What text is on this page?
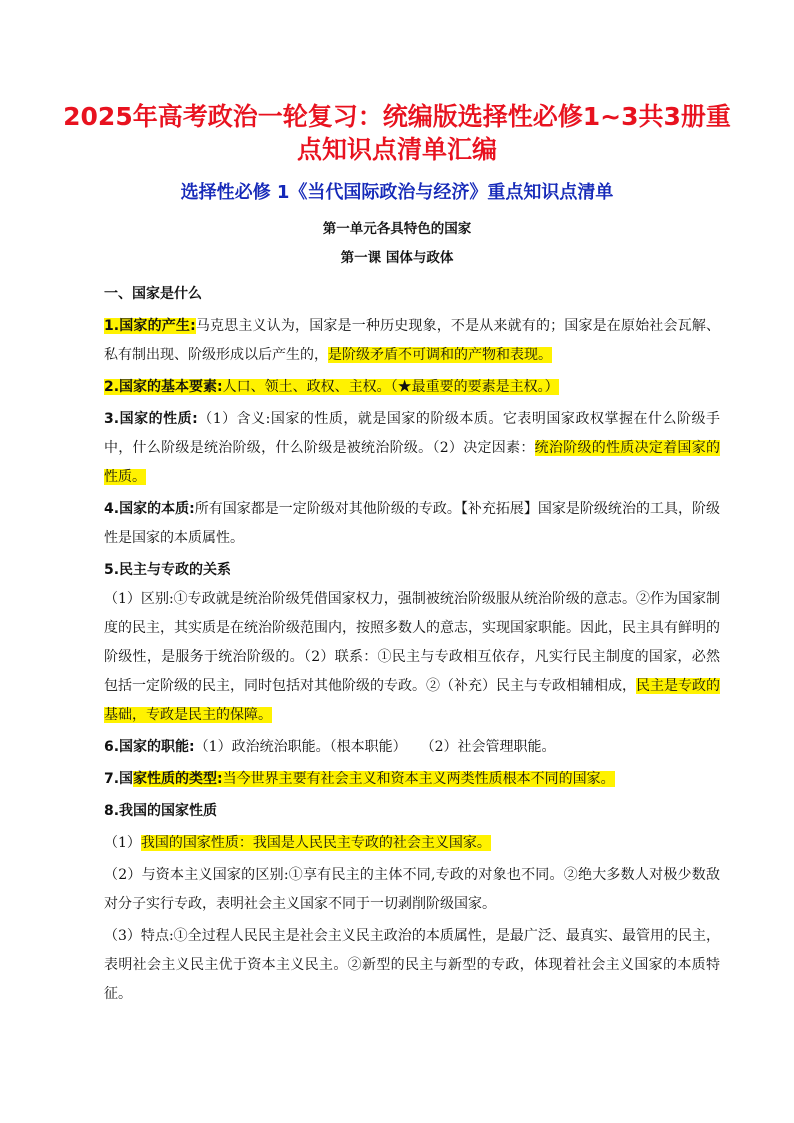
2025年高考政治一轮复习：统编版选择性必修1~3共3册重点知识点清单汇编
选择性必修 1《当代国际政治与经济》重点知识点清单
第一单元各具特色的国家
第一课 国体与政体

一、国家是什么

1.国家的产生:马克思主义认为，国家是一种历史现象，不是从来就有的；国家是在原始社会瓦解、私有制出现、阶级形成以后产生的，是阶级矛盾不可调和的产物和表现。

2.国家的基本要素:人口、领土、政权、主权。（★最重要的要素是主权。）

3.国家的性质:（1）含义:国家的性质，就是国家的阶级本质。它表明国家政权掌握在什么阶级手中，什么阶级是统治阶级，什么阶级是被统治阶级。（2）决定因素：统治阶级的性质决定着国家的性质。

4.国家的本质:所有国家都是一定阶级对其他阶级的专政。【补充拓展】国家是阶级统治的工具，阶级性是国家的本质属性。

5.民主与专政的关系

（1）区别:①专政就是统治阶级凭借国家权力，强制被统治阶级服从统治阶级的意志。②作为国家制度的民主，其实质是在统治阶级范围内，按照多数人的意志，实现国家职能。因此，民主具有鲜明的阶级性，是服务于统治阶级的。（2）联系：①民主与专政相互依存，凡实行民主制度的国家，必然包括一定阶级的民主，同时包括对其他阶级的专政。②（补充）民主与专政相辅相成，民主是专政的基础，专政是民主的保障。

6.国家的职能:（1）政治统治职能。（根本职能）　　（2）社会管理职能。

7.国家性质的类型:当今世界主要有社会主义和资本主义两类性质根本不同的国家。

8.我国的国家性质

（1）我国的国家性质：我国是人民民主专政的社会主义国家。

（2）与资本主义国家的区别:①享有民主的主体不同,专政的对象也不同。②绝大多数人对极少数敌对分子实行专政，表明社会主义国家不同于一切剥削阶级国家。

（3）特点:①全过程人民民主是社会主义民主政治的本质属性，是最广泛、最真实、最管用的民主，表明社会主义民主优于资本主义民主。②新型的民主与新型的专政，体现着社会主义国家的本质特征。
